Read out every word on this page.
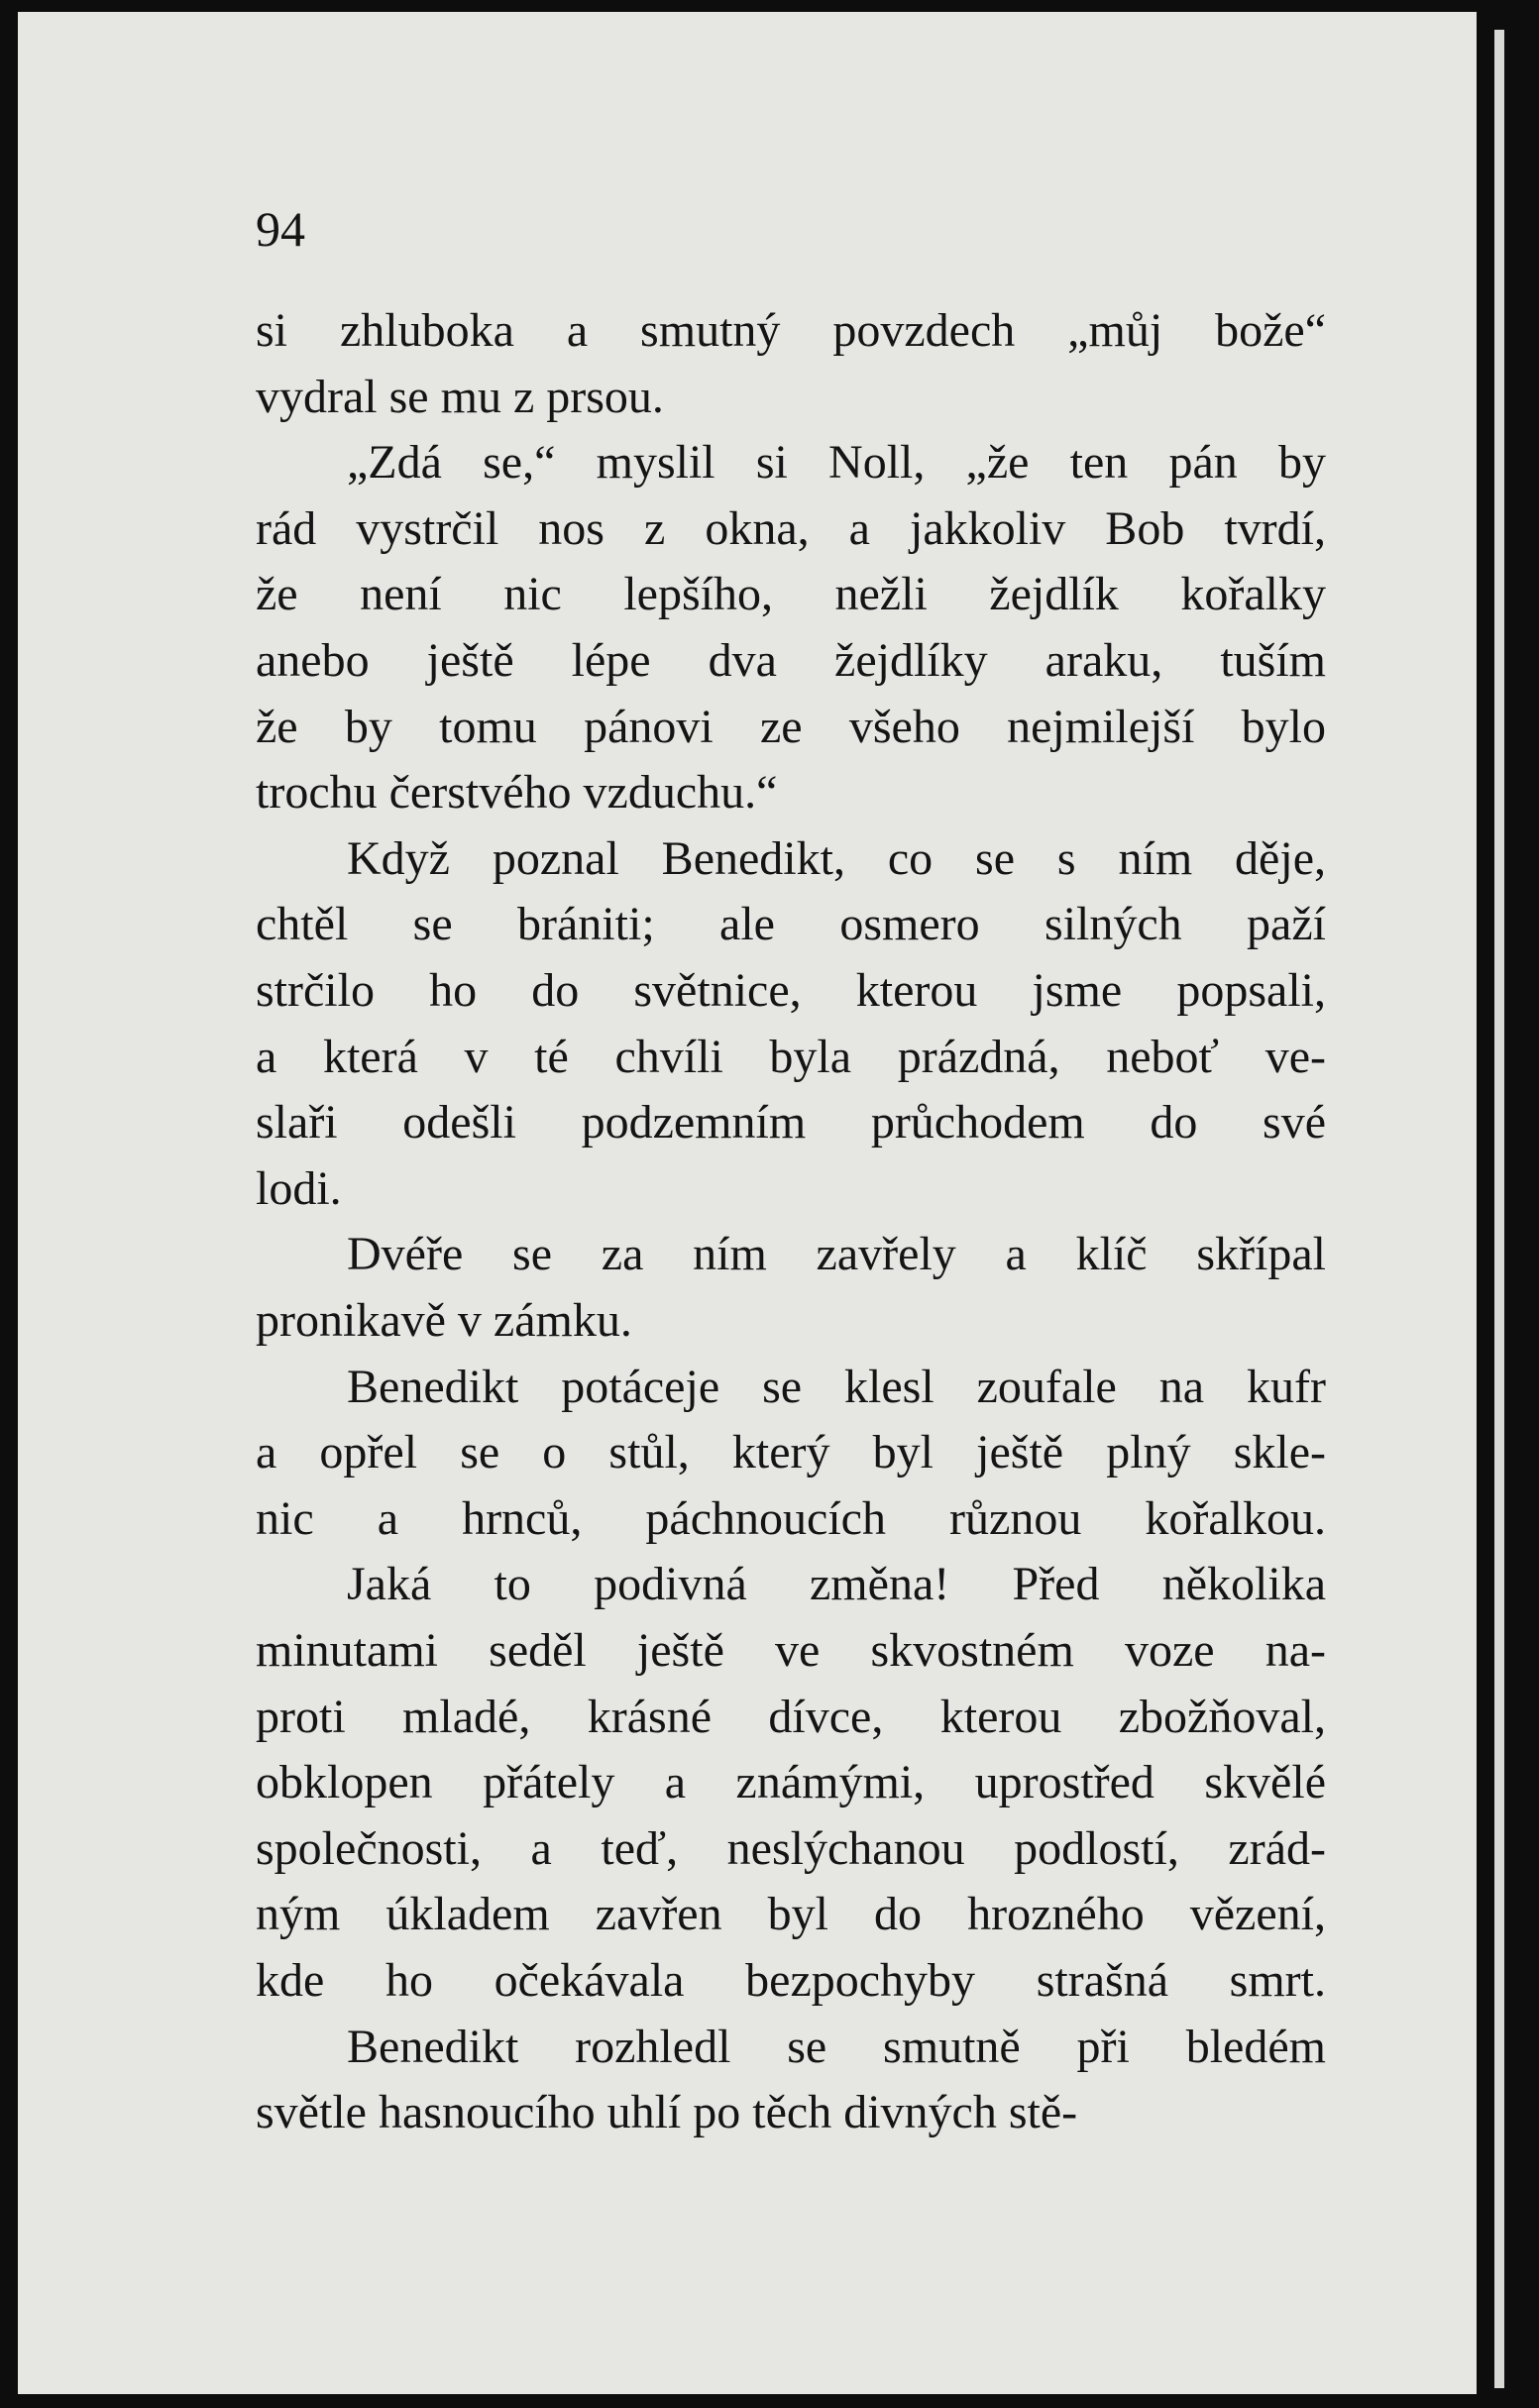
94
si zhluboka a smutný povzdech „můj bože“
vydral se mu z prsou.
„Zdá se,“ myslil si Noll, „že ten pán by
rád vystrčil nos z okna, a jakkoliv Bob tvrdí,
že není nic lepšího, nežli žejdlík kořalky
anebo ještě lépe dva žejdlíky araku, tuším
že by tomu pánovi ze všeho nejmilejší bylo
trochu čerstvého vzduchu.“
Když poznal Benedikt, co se s ním děje,
chtěl se brániti; ale osmero silných paží
strčilo ho do světnice, kterou jsme popsali,
a která v té chvíli byla prázdná, neboť ve-
slaři odešli podzemním průchodem do své
lodi.
Dvéře se za ním zavřely a klíč skřípal
pronikavě v zámku.
Benedikt potáceje se klesl zoufale na kufr
a opřel se o stůl, který byl ještě plný skle-
nic a hrnců, páchnoucích různou kořalkou.
Jaká to podivná změna! Před několika
minutami seděl ještě ve skvostném voze na-
proti mladé, krásné dívce, kterou zbožňoval,
obklopen přátely a známými, uprostřed skvělé
společnosti, a teď, neslýchanou podlostí, zrád-
ným úkladem zavřen byl do hrozného vězení,
kde ho očekávala bezpochyby strašná smrt.
Benedikt rozhledl se smutně při bledém
světle hasnoucího uhlí po těch divných stě-
